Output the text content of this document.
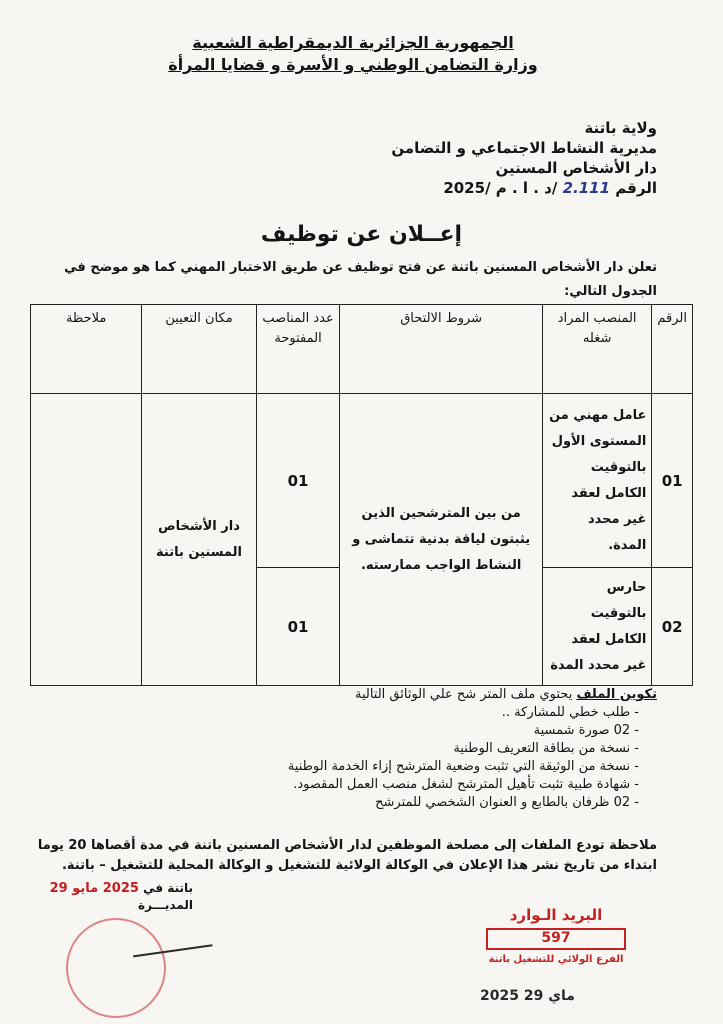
الجمهورية الجزائرية الديمقراطية الشعبية
وزارة التضامن الوطني و الأسرة و قضايا المرأة
ولاية باتنة
مديرية النشاط الاجتماعي و التضامن
دار الأشخاص المسنين
الرقم 2.111 /د . ا . م /2025
إعــلان عن توظيف
تعلن دار الأشخاص المسنين باتنة عن فتح توظيف عن طريق الاختبار المهني كما هو موضح في الجدول التالي:
الرقم	المنصب المراد شغله	شروط الالتحاق	عدد المناصب المفتوحة	مكان التعيين	ملاحظة
01	عامل مهني من المستوى الأول بالتوقيت الكامل لعقد غير محدد المدة.	من بين المترشحين الذين يثبتون لياقة بدنية تتماشى و النشاط الواجب ممارسته.	01	دار الأشخاص المسنين باتنة	
02	حارس بالتوقيت الكامل لعقد غير محدد المدة		01		
تكوين الملف يحتوي ملف المتر شح علي الوثائق التالية
- طلب خطي للمشاركة ..
- 02 صورة شمسية
- نسخة من بطاقة التعريف الوطنية
- نسخة من الوثيقة التي تثبت وضعية المترشح إزاء الخدمة الوطنية
- شهادة طبية تثبت تأهيل المترشح لشغل منصب العمل المقصود.
- 02 ظرفان بالطابع و العنوان الشخصي للمترشح
ملاحظة تودع الملفات إلى مصلحة الموظفين لدار الأشخاص المسنين باتنة في مدة أقصاها 20 يوما ابتداء من تاريخ نشر هذا الإعلان في الوكالة الولائية للتشغيل و الوكالة المحلية للتشغيل – باتنة.
باتنة في 2025 مايو 29
المديـــرة
البريد الـوارد
597
الفرع الولائي للتشغيل باتنة
2025 ماي 29
